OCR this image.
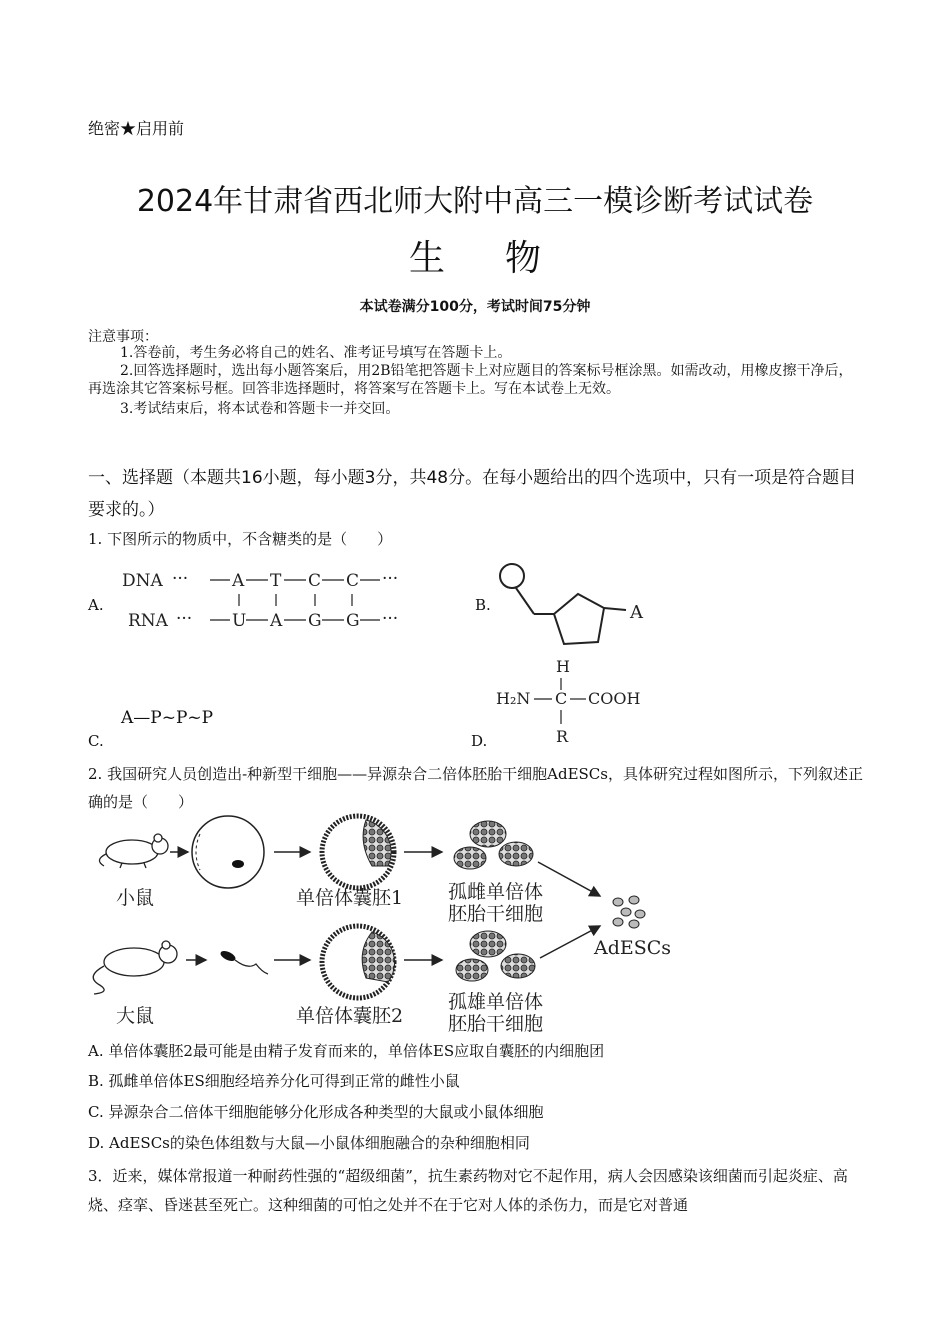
绝密★启用前
2024年甘肃省西北师大附中高三一模诊断考试试卷
生物
本试卷满分100分，考试时间75分钟
注意事项：
1.答卷前，考生务必将自己的姓名、准考证号填写在答题卡上。
2.回答选择题时，选出每小题答案后，用2B铅笔把答题卡上对应题目的答案标号框涂黑。如需改动，用橡皮擦干净后，再选涂其它答案标号框。回答非选择题时，将答案写在答题卡上。写在本试卷上无效。
3.考试结束后，将本试卷和答题卡一并交回。
一、选择题（本题共16小题，每小题3分，共48分。在每小题给出的四个选项中，只有一项是符合题目要求的。）
1. 下图所示的物质中，不含糖类的是（　　）
A.
DNA ···	A T C C ···
RNA ··· U A G G ···
B.	A
A—P~P~P
C.	D.
H
H₂N C COOH
R
2. 我国研究人员创造出-种新型干细胞——异源杂合二倍体胚胎干细胞AdESCs，具体研究过程如图所示，下列叙述正确的是（　　）
小鼠	单倍体囊胚1 孤雌单倍体
胚胎干细胞
大鼠	单倍体囊胚2
孤雄单倍体
胚胎干细胞
AdESCs
A. 单倍体囊胚2最可能是由精子发育而来的，单倍体ES应取自囊胚的内细胞团
B. 孤雌单倍体ES细胞经培养分化可得到正常的雌性小鼠
C. 异源杂合二倍体干细胞能够分化形成各种类型的大鼠或小鼠体细胞
D. AdESCs的染色体组数与大鼠—小鼠体细胞融合的杂种细胞相同
3．近来，媒体常报道一种耐药性强的“超级细菌”，抗生素药物对它不起作用，病人会因感染该细菌而引起炎症、高烧、痉挛、昏迷甚至死亡。这种细菌的可怕之处并不在于它对人体的杀伤力，而是它对普通
